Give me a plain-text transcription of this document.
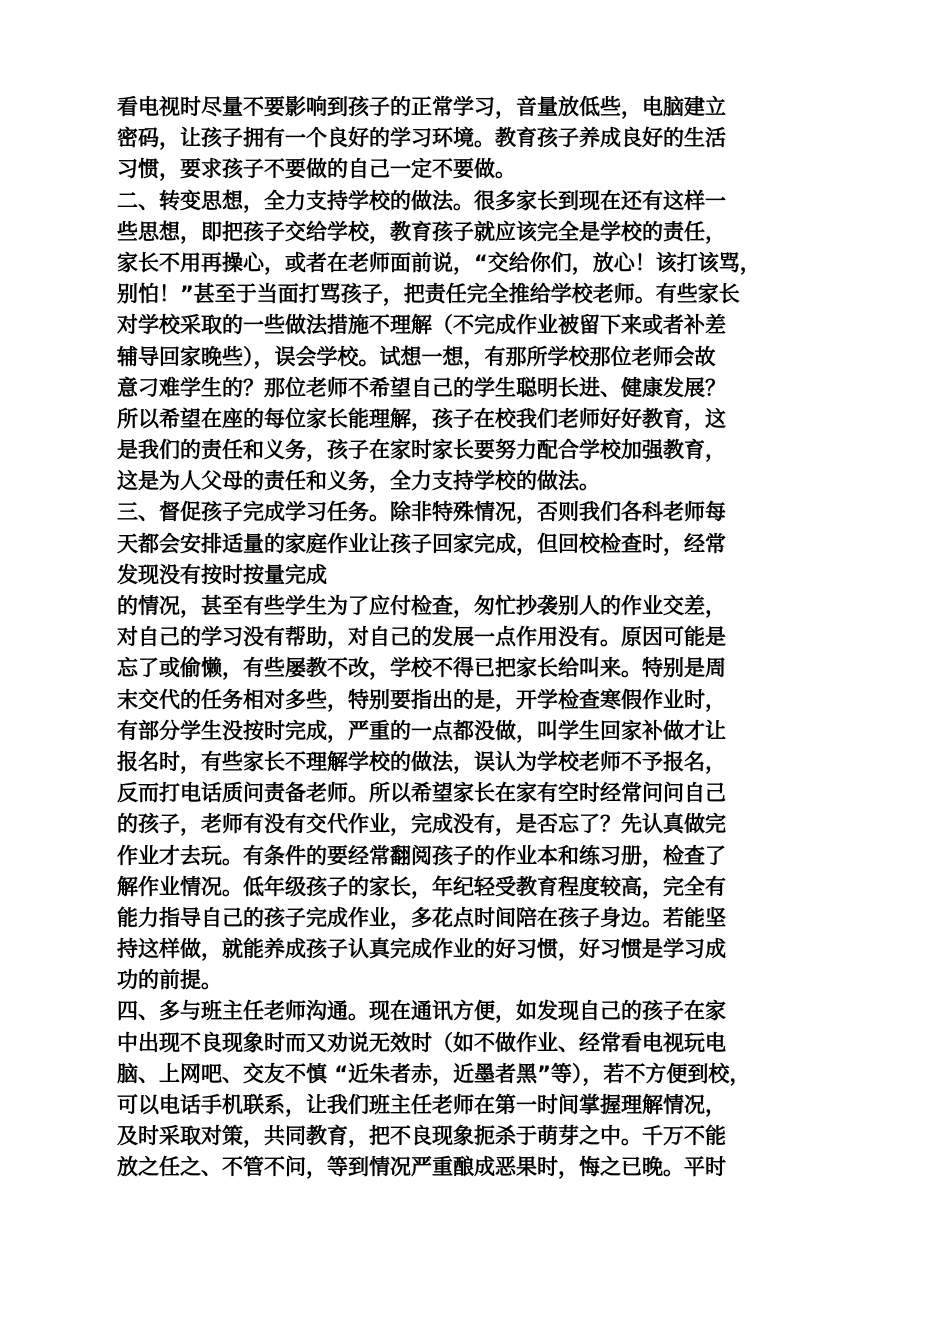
看电视时尽量不要影响到孩子的正常学习，音量放低些，电脑建立
密码，让孩子拥有一个良好的学习环境。教育孩子养成良好的生活
习惯，要求孩子不要做的自己一定不要做。
二、转变思想，全力支持学校的做法。很多家长到现在还有这样一
些思想，即把孩子交给学校，教育孩子就应该完全是学校的责任，
家长不用再操心，或者在老师面前说，“交给你们，放心！该打该骂，
别怕！”甚至于当面打骂孩子，把责任完全推给学校老师。有些家长
对学校采取的一些做法措施不理解（不完成作业被留下来或者补差
辅导回家晚些），误会学校。试想一想，有那所学校那位老师会故
意刁难学生的？那位老师不希望自己的学生聪明长进、健康发展？
所以希望在座的每位家长能理解，孩子在校我们老师好好教育，这
是我们的责任和义务，孩子在家时家长要努力配合学校加强教育，
这是为人父母的责任和义务，全力支持学校的做法。
三、督促孩子完成学习任务。除非特殊情况，否则我们各科老师每
天都会安排适量的家庭作业让孩子回家完成，但回校检查时，经常
发现没有按时按量完成
的情况，甚至有些学生为了应付检查，匆忙抄袭别人的作业交差，
对自己的学习没有帮助，对自己的发展一点作用没有。原因可能是
忘了或偷懒，有些屡教不改，学校不得已把家长给叫来。特别是周
末交代的任务相对多些，特别要指出的是，开学检查寒假作业时，
有部分学生没按时完成，严重的一点都没做，叫学生回家补做才让
报名时，有些家长不理解学校的做法，误认为学校老师不予报名，
反而打电话质问责备老师。所以希望家长在家有空时经常问问自己
的孩子，老师有没有交代作业，完成没有，是否忘了？先认真做完
作业才去玩。有条件的要经常翻阅孩子的作业本和练习册，检查了
解作业情况。低年级孩子的家长，年纪轻受教育程度较高，完全有
能力指导自己的孩子完成作业，多花点时间陪在孩子身边。若能坚
持这样做，就能养成孩子认真完成作业的好习惯，好习惯是学习成
功的前提。
四、多与班主任老师沟通。现在通讯方便，如发现自己的孩子在家
中出现不良现象时而又劝说无效时（如不做作业、经常看电视玩电
脑、上网吧、交友不慎 “近朱者赤，近墨者黑”等），若不方便到校，
可以电话手机联系，让我们班主任老师在第一时间掌握理解情况，
及时采取对策，共同教育，把不良现象扼杀于萌芽之中。千万不能
放之任之、不管不问，等到情况严重酿成恶果时，悔之已晚。平时
